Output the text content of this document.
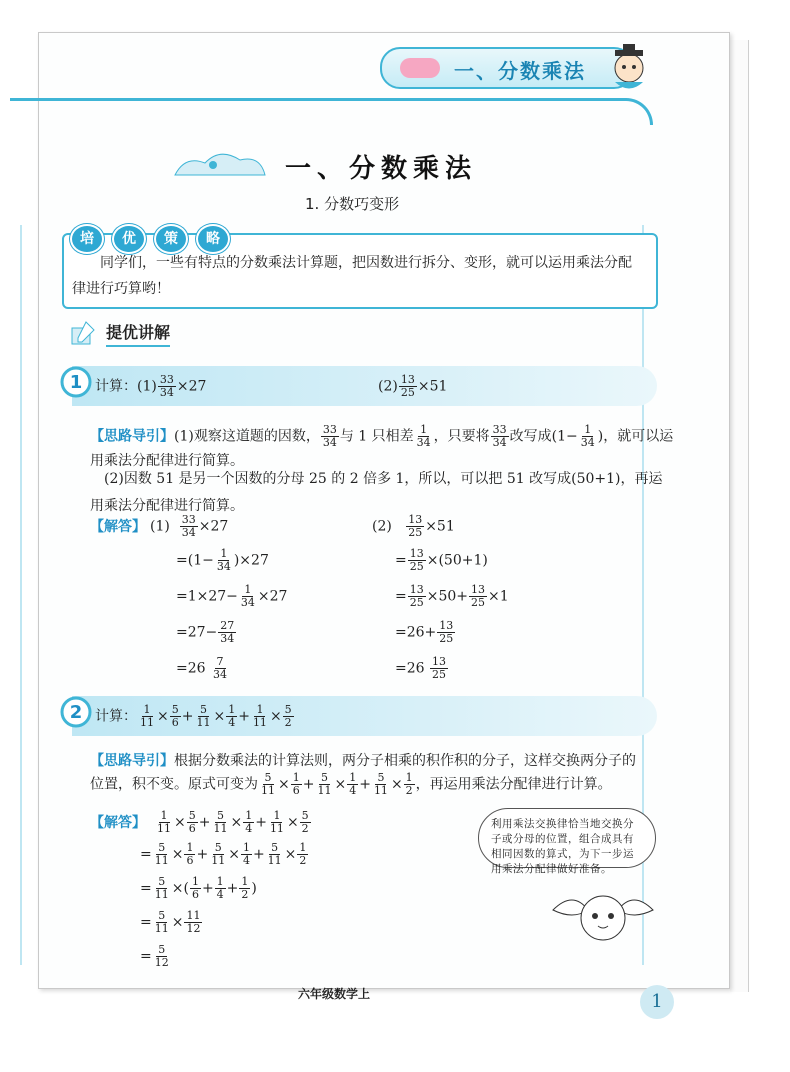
一、分数乘法
一、分数乘法
1. 分数巧变形
培	优	策	略
同学们，一些有特点的分数乘法计算题，把因数进行拆分、变形，就可以运用乘法分配律进行巧算哟！
提优讲解
1 计算：$(1) \frac{33}{34} \times 27$	$(2) \frac{13}{25} \times 51$
【思路导引】(1)观察这道题的因数， $\frac{33}{34}$ 与 1 只相差 $\frac{1}{34}$ ，只要将 $\frac{33}{34}$ 改写成($1- \frac{1}{34}$ )，就可以运
用乘法分配律进行简算。
(2)因数 51 是另一个因数的分母 25 的 2 倍多 1，所以，可以把 51 改写成(50+1)，再运用乘法分配律进行简算。
【解答】 $(1) \frac{33}{34} \times 27$
$=(1- \frac{1}{34} )\times 27$
$=1\times 27- \frac{1}{34} \times 27$
$=27- \frac{27}{34}$
$=26 \frac{7}{34}$
$(2) \frac{13}{25} \times 51$
= $\frac{13}{25} \times(50+1)$
= $\frac{13}{25} \times 50+ \frac{13}{25} \times 1$
$=26+ \frac{13}{25}$
$=26 \frac{13}{25}$
2 计算： $\frac{1}{11} \times \frac{5}{6} + \frac{5}{11} \times \frac{1}{4} + \frac{1}{11} \times \frac{5}{2}$
【思路导引】根据分数乘法的计算法则，两分子相乘的积作积的分子，这样交换两分子的
位置，积不变。原式可变为 $\frac{5}{11} \times \frac{1}{6} + \frac{5}{11} \times \frac{1}{4} + \frac{5}{11} \times \frac{1}{2}$ ，再运用乘法分配律进行计算。
【解答】 $\frac{1}{11} \times \frac{5}{6} + \frac{5}{11} \times \frac{1}{4} + \frac{1}{11} \times \frac{5}{2}$
= $\frac{5}{11} \times \frac{1}{6} + \frac{5}{11} \times \frac{1}{4} + \frac{5}{11} \times \frac{1}{2}$
= $\frac{5}{11}$ ×( $\frac{1}{6} + \frac{1}{4} + \frac{1}{2}$ )
= $\frac{5}{11} \times \frac{11}{12}$
= $\frac{5}{12}$
利用乘法交换律恰当地交换分子或分母的位置，组合成具有相同因数的算式，为下一步运用乘法分配律做好准备。
六年级数学上	1
